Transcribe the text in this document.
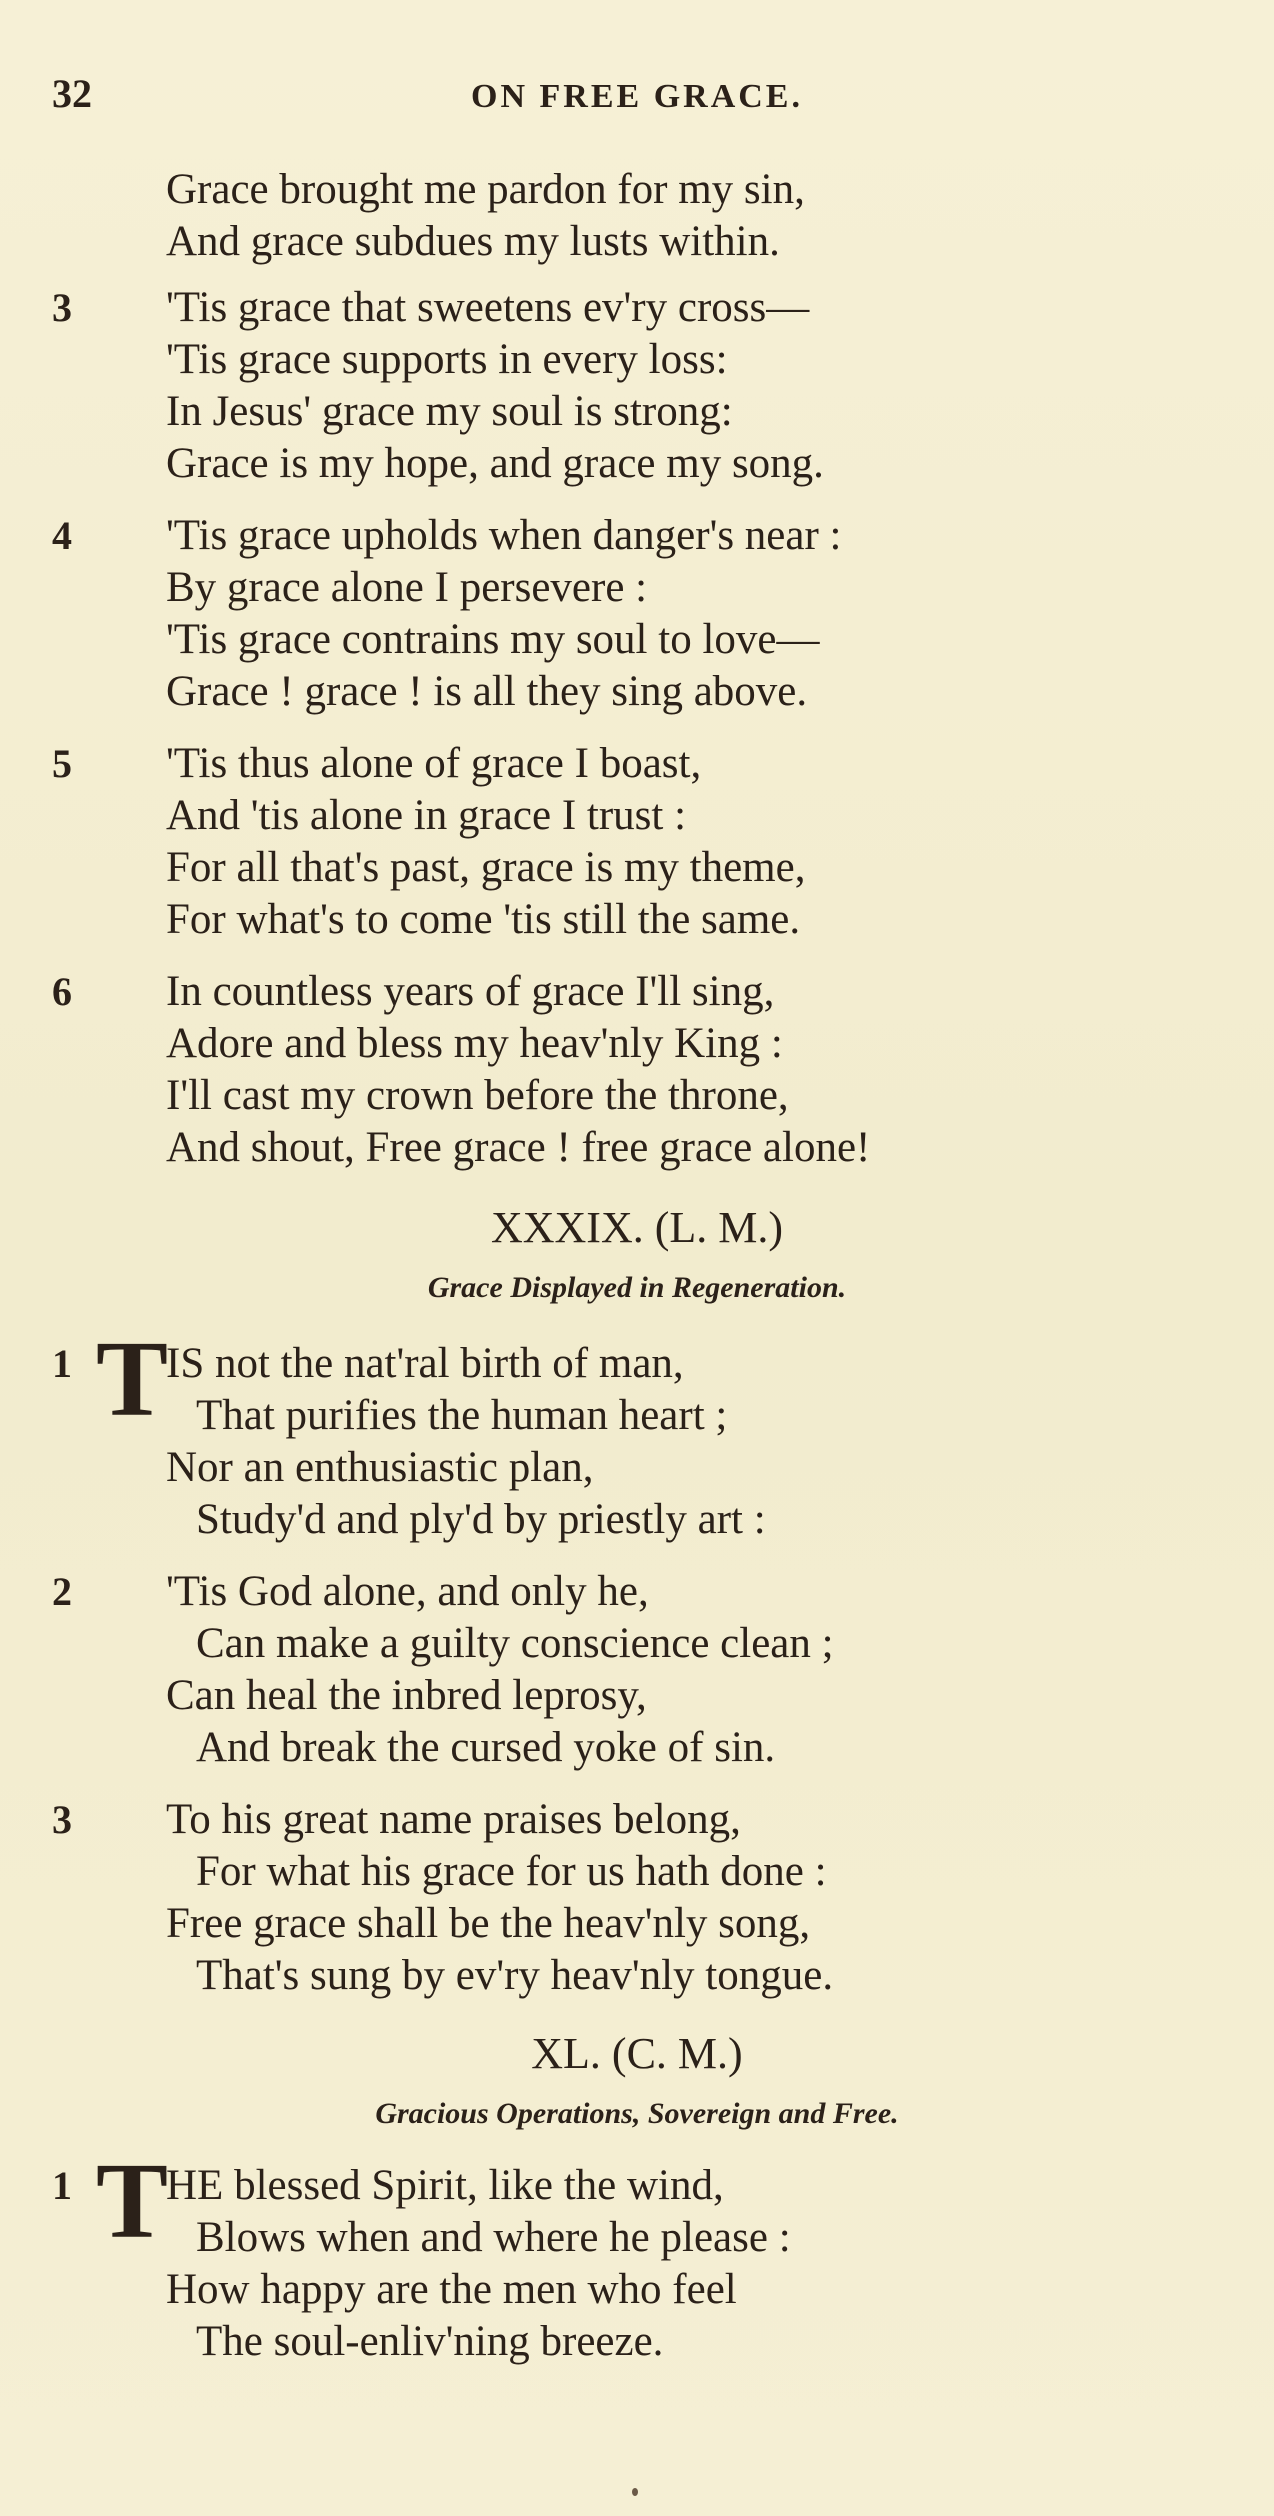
32	ON FREE GRACE.
Grace brought me pardon for my sin,
And grace subdues my lusts within.
3 'Tis grace that sweetens ev'ry cross—
'Tis grace supports in every loss:
In Jesus' grace my soul is strong:
Grace is my hope, and grace my song.
4 'Tis grace upholds when danger's near :
By grace alone I persevere :
'Tis grace contrains my soul to love—
Grace ! grace ! is all they sing above.
5 'Tis thus alone of grace I boast,
And 'tis alone in grace I trust :
For all that's past, grace is my theme,
For what's to come 'tis still the same.
6 In countless years of grace I'll sing,
Adore and bless my heav'nly King :
I'll cast my crown before the throne,
And shout, Free grace ! free grace alone!
XXXIX. (L. M.)
Grace Displayed in Regeneration.
1 T
IS not the nat'ral birth of man,
That purifies the human heart ;
Nor an enthusiastic plan,
Study'd and ply'd by priestly art :
2 'Tis God alone, and only he,
Can make a guilty conscience clean ;
Can heal the inbred leprosy,
And break the cursed yoke of sin.
3 To his great name praises belong,
For what his grace for us hath done :
Free grace shall be the heav'nly song,
That's sung by ev'ry heav'nly tongue.
XL. (C. M.)
Gracious Operations, Sovereign and Free.
1 T
HE blessed Spirit, like the wind,
Blows when and where he please :
How happy are the men who feel
The soul-enliv'ning breeze.
